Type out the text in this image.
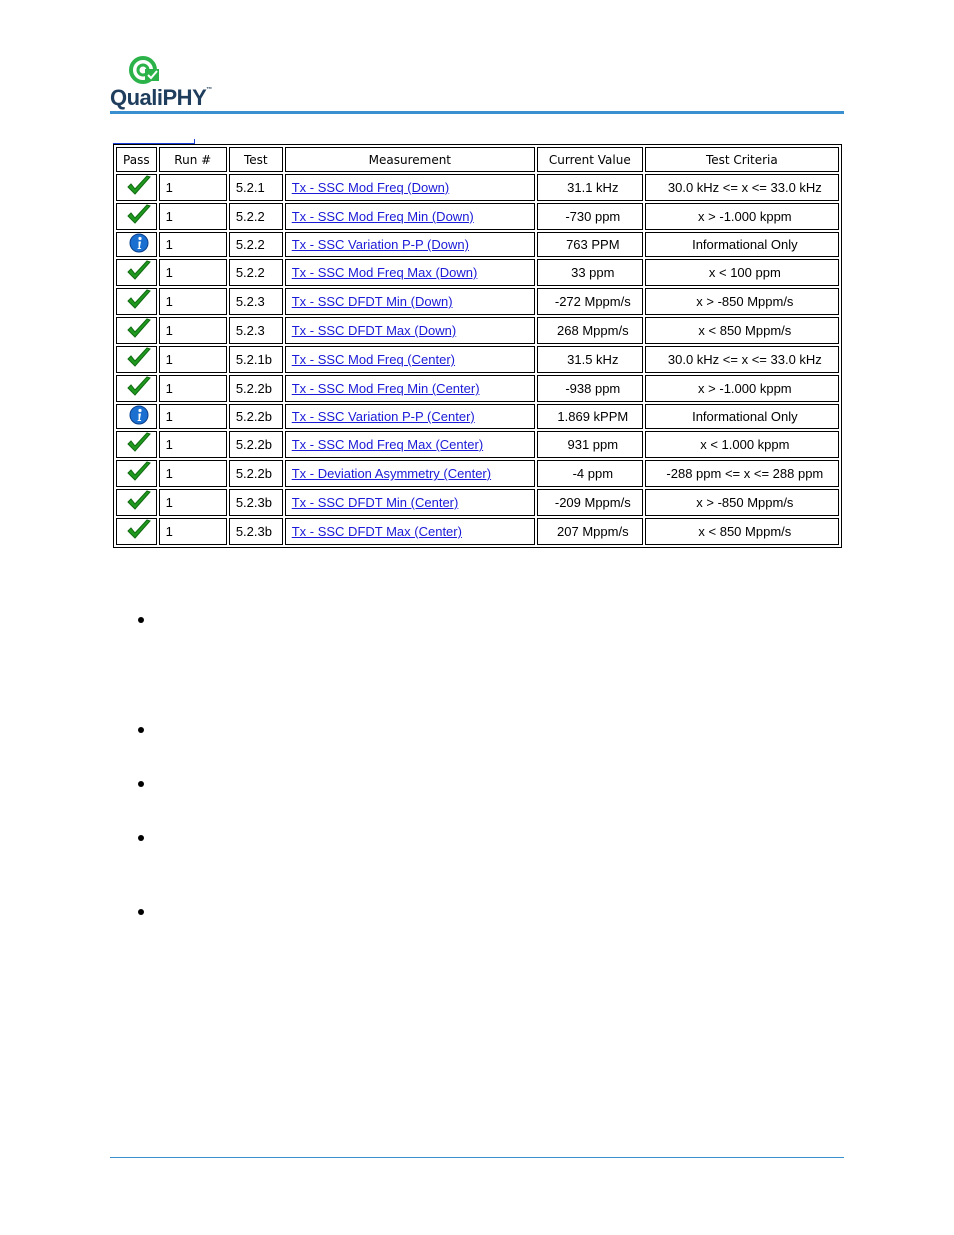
QualiPHY™
Pass	Run #	Test	Measurement	Current Value	Test Criteria
	1	5.2.1	Tx - SSC Mod Freq (Down)	31.1 kHz	30.0 kHz <= x <= 33.0 kHz
	1	5.2.2	Tx - SSC Mod Freq Min (Down)	-730 ppm	x > -1.000 kppm
	1	5.2.2	Tx - SSC Variation P-P (Down)	763 PPM	Informational Only
	1	5.2.2	Tx - SSC Mod Freq Max (Down)	33 ppm	x < 100 ppm
	1	5.2.3	Tx - SSC DFDT Min (Down)	-272 Mppm/s	x > -850 Mppm/s
	1	5.2.3	Tx - SSC DFDT Max (Down)	268 Mppm/s	x < 850 Mppm/s
	1	5.2.1b	Tx - SSC Mod Freq (Center)	31.5 kHz	30.0 kHz <= x <= 33.0 kHz
	1	5.2.2b	Tx - SSC Mod Freq Min (Center)	-938 ppm	x > -1.000 kppm
	1	5.2.2b	Tx - SSC Variation P-P (Center)	1.869 kPPM	Informational Only
	1	5.2.2b	Tx - SSC Mod Freq Max (Center)	931 ppm	x < 1.000 kppm
	1	5.2.2b	Tx - Deviation Asymmetry (Center)	-4 ppm	-288 ppm <= x <= 288 ppm
	1	5.2.3b	Tx - SSC DFDT Min (Center)	-209 Mppm/s	x > -850 Mppm/s
	1	5.2.3b	Tx - SSC DFDT Max (Center)	207 Mppm/s	x < 850 Mppm/s
